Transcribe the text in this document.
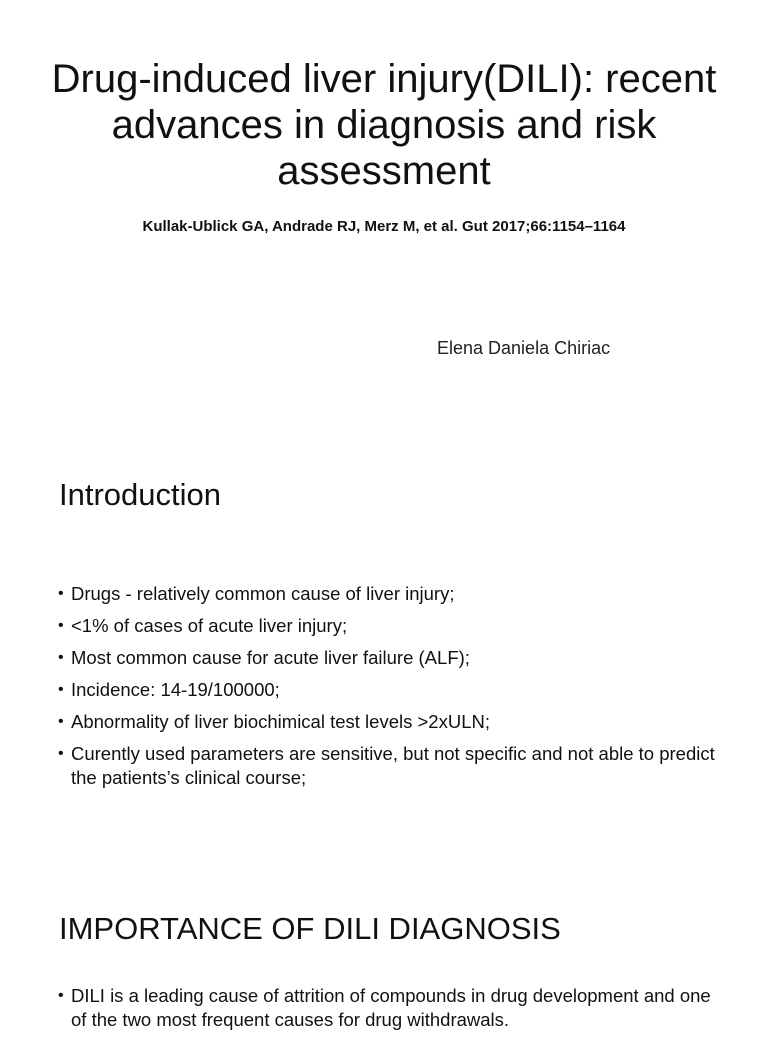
Drug-induced liver injury(DILI): recent advances in diagnosis and risk assessment

Kullak-Ublick GA, Andrade RJ, Merz M, et al. Gut 2017;66:1154–1164

Elena Daniela Chiriac

Introduction
• Drugs - relatively common cause of liver injury;
• <1% of cases of acute liver injury;
• Most common cause for acute liver failure (ALF);
• Incidence: 14-19/100000;
• Abnormality of liver biochimical test levels >2xULN;
• Curently used parameters are sensitive, but not specific and not able to predict the patients’s clinical course;
IMPORTANCE OF DILI DIAGNOSIS
• DILI is a leading cause of attrition of compounds in drug development and one of the two most frequent causes for drug withdrawals.
